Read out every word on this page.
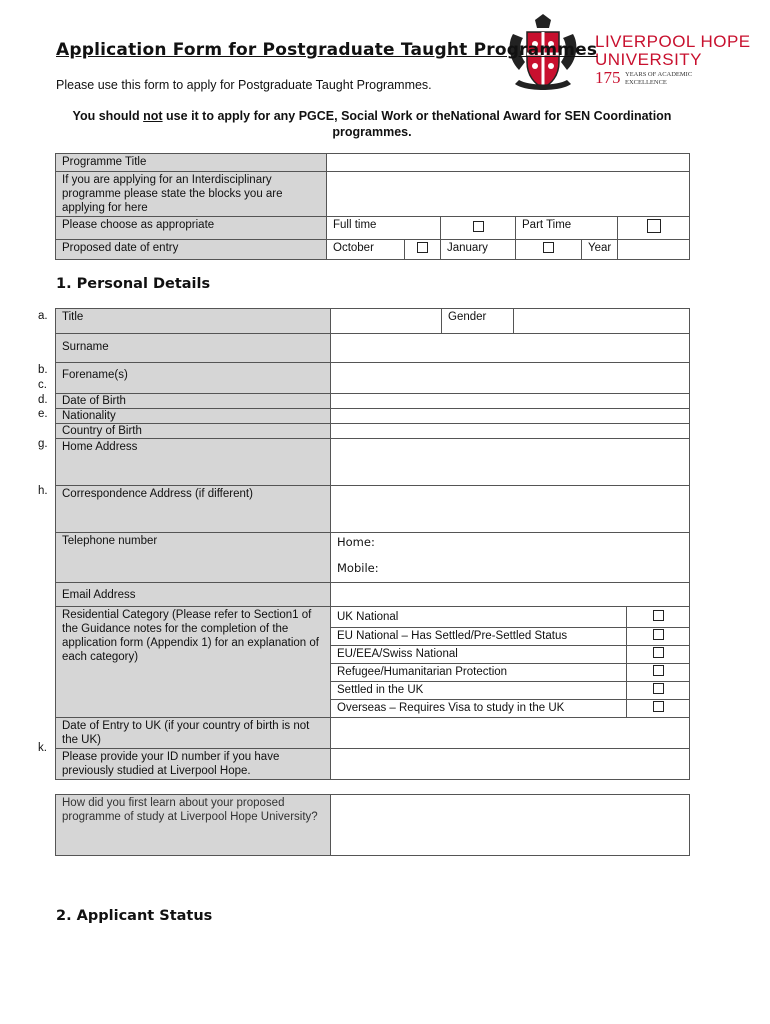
LIVERPOOL HOPE
UNIVERSITY
175 YEARS OF ACADEMIC
EXCELLENCE
Application Form for Postgraduate Taught Programmes
Please use this form to apply for Postgraduate Taught Programmes.
You should not use it to apply for any PGCE, Social Work or theNational Award for SEN Coordination programmes.
Programme Title						
If you are applying for an Interdisciplinary programme please state the blocks you are applying for here						
Please choose as appropriate	Full time			Part Time		
Proposed date of entry	October		January		Year	
1. Personal Details
a.
b.
c.
d.
e.
g.
h.
k.
Title		Gender		
Surname				
Forename(s)				
Date of Birth				
Nationality				
Country of Birth				
Home Address				
Correspondence Address (if different)				
Telephone number	Home:
Mobile:			

Email Address				
Residential Category (Please refer to Section1 of the Guidance notes for the completion of the application form (Appendix 1) for an explanation of each category)	UK National			
	EU National – Has Settled/Pre-Settled Status			
	EU/EEA/Swiss National			
	Refugee/Humanitarian Protection			
	Settled in the UK			
	Overseas – Requires Visa to study in the UK			
Date of Entry to UK (if your country of birth is not the UK)				
Please provide your ID number if you have previously studied at Liverpool Hope.				
How did you first learn about your proposed programme of study at Liverpool Hope University?	
2. Applicant Status
